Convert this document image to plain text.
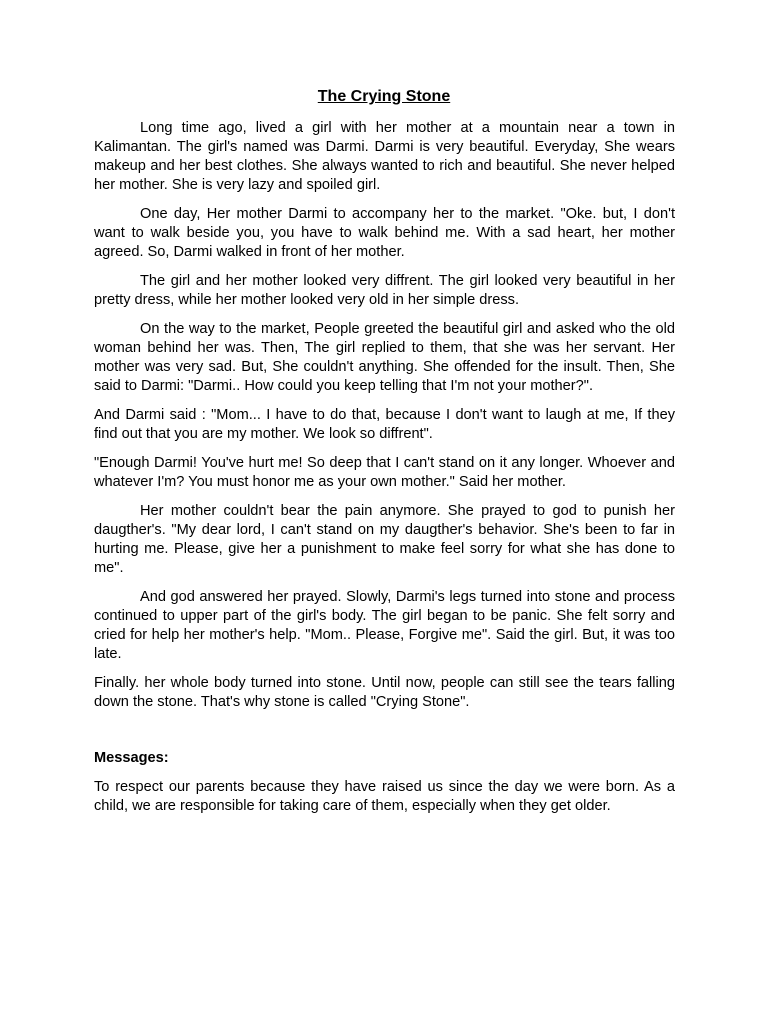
The Crying Stone

Long time ago, lived a girl with her mother at a mountain near a town in Kalimantan. The girl's named was Darmi. Darmi is very beautiful. Everyday, She wears makeup and her best clothes. She always wanted to rich and beautiful. She never helped her mother. She is very lazy and spoiled girl.

One day, Her mother Darmi to accompany her to the market. "Oke. but, I don't want to walk beside you, you have to walk behind me. With a sad heart, her mother agreed. So, Darmi walked in front of her mother.

The girl and her mother looked very diffrent. The girl looked very beautiful in her pretty dress, while her mother looked very old in her simple dress.

On the way to the market, People greeted the beautiful girl and asked who the old woman behind her was. Then, The girl replied to them, that she was her servant. Her mother was very sad. But, She couldn't anything. She offended for the insult. Then, She said to Darmi: "Darmi.. How could you keep telling that I'm not your mother?".

And Darmi said : "Mom... I have to do that, because I don't want to laugh at me, If they find out that you are my mother. We look so diffrent".

"Enough Darmi! You've hurt me! So deep that I can't stand on it any longer. Whoever and whatever I'm? You must honor me as your own mother." Said her mother.

Her mother couldn't bear the pain anymore. She prayed to god to punish her daugther's. "My dear lord, I can't stand on my daugther's behavior. She's been to far in hurting me. Please, give her a punishment to make feel sorry for what she has done to me".

And god answered her prayed. Slowly, Darmi's legs turned into stone and process continued to upper part of the girl's body. The girl began to be panic. She felt sorry and cried for help her mother's help. "Mom.. Please, Forgive me". Said the girl. But, it was too late.

Finally. her whole body turned into stone. Until now, people can still see the tears falling down the stone. That's why stone is called "Crying Stone".

Messages:

To respect our parents because they have raised us since the day we were born. As a child, we are responsible for taking care of them, especially when they get older.
